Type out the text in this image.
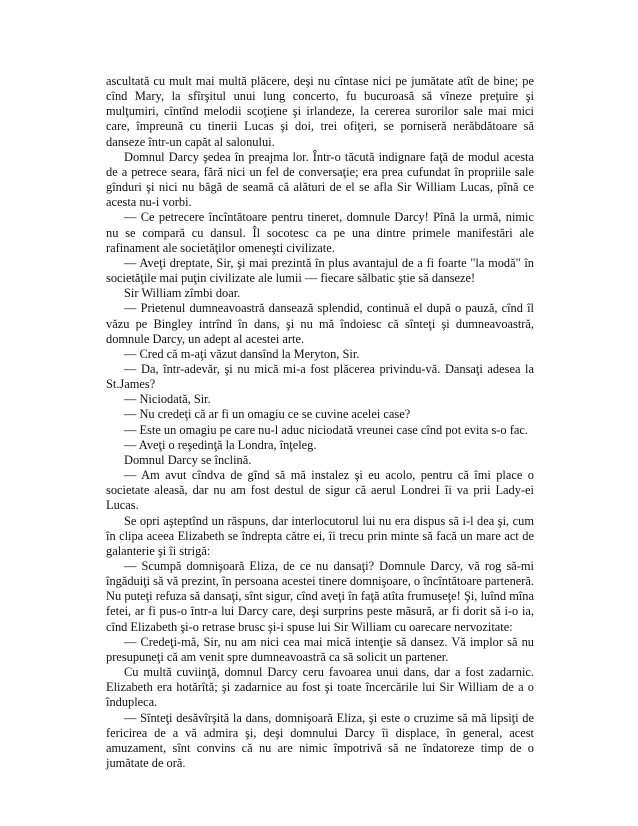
ascultată cu mult mai multă plăcere, deşi nu cîntase nici pe jumătate atît de bine; pe cînd Mary, la sfîrşitul unui lung concerto, fu bucuroasă să vîneze preţuire şi mulţumiri, cîntînd melodii scoţiene şi irlandeze, la cererea surorilor sale mai mici care, împreună cu tinerii Lucas şi doi, trei ofiţeri, se porniseră nerăbdătoare să danseze într-un capăt al salonului.

Domnul Darcy şedea în preajma lor. Într-o tăcută indignare faţă de modul acesta de a petrece seara, fără nici un fel de conversaţie; era prea cufundat în propriile sale gînduri şi nici nu băgă de seamă că alături de el se afla Sir William Lucas, pînă ce acesta nu-i vorbi.

— Ce petrecere încîntătoare pentru tineret, domnule Darcy! Pînă la urmă, nimic nu se compară cu dansul. Îl socotesc ca pe una dintre primele manifestări ale rafinament ale societăţilor omeneşti civilizate.

— Aveţi dreptate, Sir, şi mai prezintă în plus avantajul de a fi foarte "la modă" în societăţile mai puţin civilizate ale lumii — fiecare sălbatic ştie să danseze!

Sir William zîmbi doar.

— Prietenul dumneavoastră dansează splendid, continuă el după o pauză, cînd îl văzu pe Bingley intrînd în dans, şi nu mă îndoiesc că sînteţi şi dumneavoastră, domnule Darcy, un adept al acestei arte.

— Cred că m-aţi văzut dansînd la Meryton, Sir.

— Da, într-adevăr, şi nu mică mi-a fost plăcerea privindu-vă. Dansaţi adesea la St.James?

— Niciodată, Sir.

— Nu credeţi că ar fi un omagiu ce se cuvine acelei case?

— Este un omagiu pe care nu-l aduc niciodată vreunei case cînd pot evita s-o fac.

— Aveţi o reşedinţă la Londra, înţeleg.

Domnul Darcy se înclină.

— Am avut cîndva de gînd să mă instalez şi eu acolo, pentru că îmi place o societate aleasă, dar nu am fost destul de sigur că aerul Londrei îi va prii Lady-ei Lucas.

Se opri aşteptînd un răspuns, dar interlocutorul lui nu era dispus să i-l dea şi, cum în clipa aceea Elizabeth se îndrepta către ei, îi trecu prin minte să facă un mare act de galanterie şi îi strigă:

— Scumpă domnişoară Eliza, de ce nu dansaţi? Domnule Darcy, vă rog să-mi îngăduiţi să vă prezint, în persoana acestei tinere domnişoare, o încîntătoare parteneră. Nu puteţi refuza să dansaţi, sînt sigur, cînd aveţi în faţă atîta frumuseţe! Şi, luînd mîna fetei, ar fi pus-o într-a lui Darcy care, deşi surprins peste măsură, ar fi dorit să i-o ia, cînd Elizabeth şi-o retrase brusc şi-i spuse lui Sir William cu oarecare nervozitate:

— Credeţi-mă, Sir, nu am nici cea mai mică intenţie să dansez. Vă implor să nu presupuneţi că am venit spre dumneavoastră ca să solicit un partener.

Cu multă cuviinţă, domnul Darcy ceru favoarea unui dans, dar a fost zadarnic. Elizabeth era hotărîtă; şi zadarnice au fost şi toate încercările lui Sir William de a o îndupleca.

— Sînteţi desăvîrşită la dans, domnişoară Eliza, şi este o cruzime să mă lipsiţi de fericirea de a vă admira şi, deşi domnului Darcy îi displace, în general, acest amuzament, sînt convins că nu are nimic împotrivă să ne îndatoreze timp de o jumătate de oră.
